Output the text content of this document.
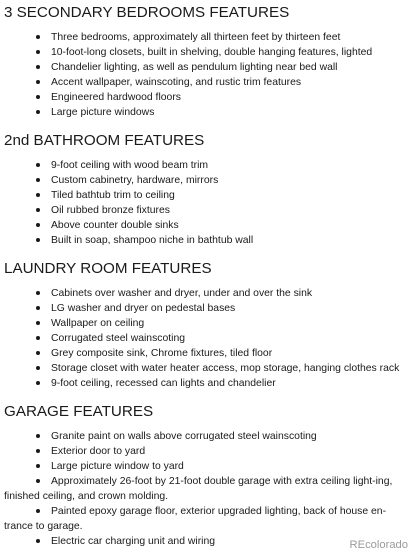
3 SECONDARY BEDROOMS FEATURES
Three bedrooms, approximately all thirteen feet by thirteen feet
10-foot-long closets, built in shelving, double hanging features, lighted
Chandelier lighting, as well as pendulum lighting near bed wall
Accent wallpaper, wainscoting, and rustic trim features
Engineered hardwood floors
Large picture windows
2nd BATHROOM FEATURES
9-foot ceiling with wood beam trim
Custom cabinetry, hardware, mirrors
Tiled bathtub trim to ceiling
Oil rubbed bronze fixtures
Above counter double sinks
Built in soap, shampoo niche in bathtub wall
LAUNDRY ROOM FEATURES
Cabinets over washer and dryer, under and over the sink
LG washer and dryer on pedestal bases
Wallpaper on ceiling
Corrugated steel wainscoting
Grey composite sink, Chrome fixtures, tiled floor
Storage closet with water heater access, mop storage, hanging clothes rack
9-foot ceiling, recessed can lights and chandelier
GARAGE FEATURES
Granite paint on walls above corrugated steel wainscoting
Exterior door to yard
Large picture window to yard
Approximately 26-foot by 21-foot double garage with extra ceiling light-ing, finished ceiling, and crown molding.
Painted epoxy garage floor, exterior upgraded lighting, back of house en-trance to garage.
Electric car charging unit and wiring	REcolorado
